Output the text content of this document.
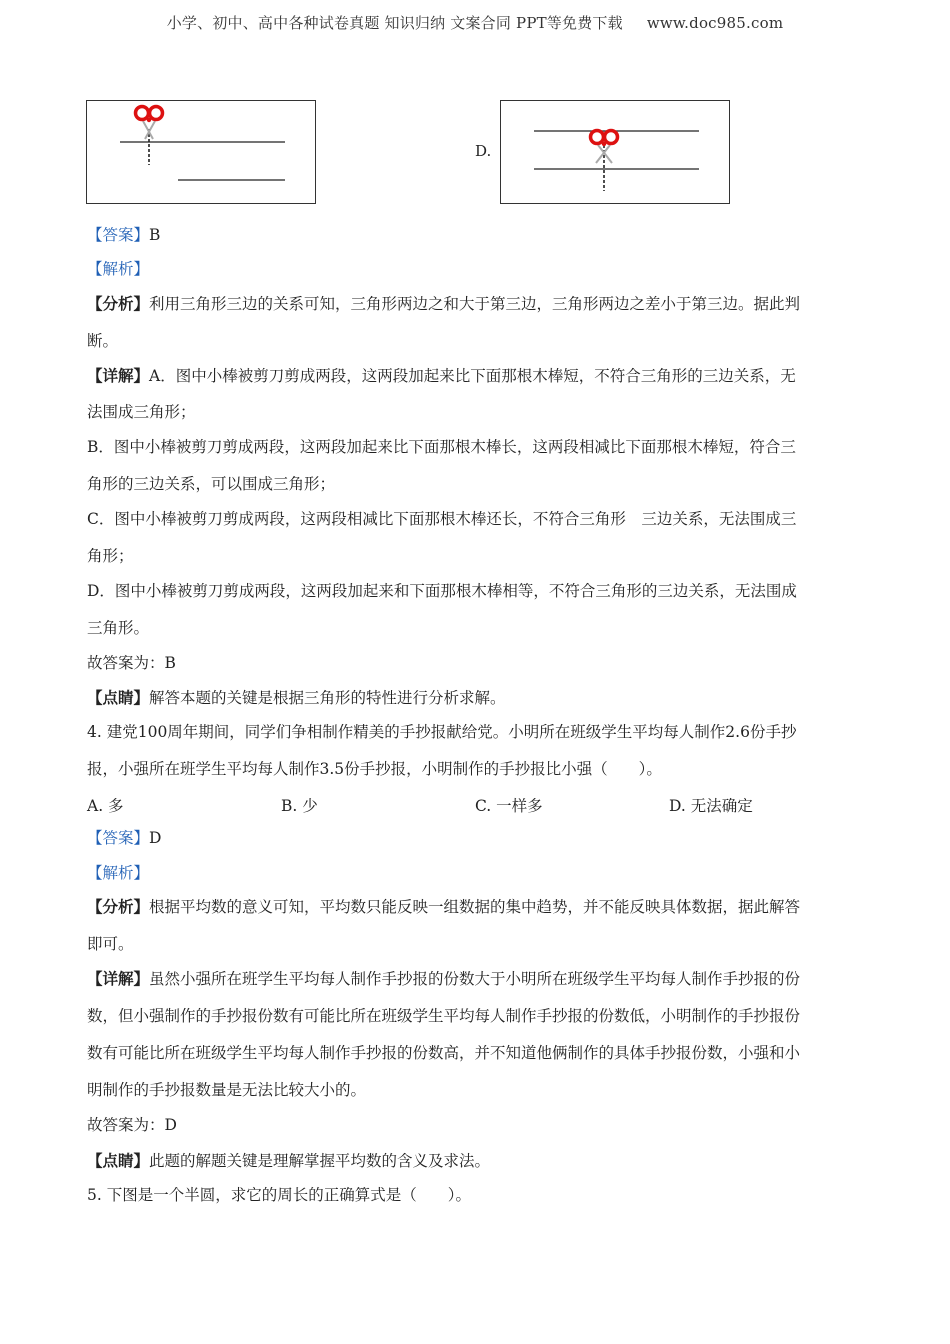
小学、初中、高中各种试卷真题 知识归纳 文案合同 PPT等免费下载 www.doc985.com
D.
【答案】B
【解析】
【分析】利用三角形三边的关系可知，三角形两边之和大于第三边，三角形两边之差小于第三边。据此判
断。
【详解】A．图中小棒被剪刀剪成两段，这两段加起来比下面那根木棒短，不符合三角形的三边关系，无
法围成三角形；
B．图中小棒被剪刀剪成两段，这两段加起来比下面那根木棒长，这两段相减比下面那根木棒短，符合三
角形的三边关系，可以围成三角形；
C．图中小棒被剪刀剪成两段，这两段相减比下面那根木棒还长，不符合三角形　三边关系，无法围成三
角形；
D．图中小棒被剪刀剪成两段，这两段加起来和下面那根木棒相等，不符合三角形的三边关系，无法围成
三角形。
故答案为：B
【点睛】解答本题的关键是根据三角形的特性进行分析求解。
4. 建党100周年期间，同学们争相制作精美的手抄报献给党。小明所在班级学生平均每人制作2.6份手抄
报，小强所在班学生平均每人制作3.5份手抄报，小明制作的手抄报比小强（　　）。
A. 多	B. 少	C. 一样多	D. 无法确定
【答案】D
【解析】
【分析】根据平均数的意义可知，平均数只能反映一组数据的集中趋势，并不能反映具体数据，据此解答
即可。
【详解】虽然小强所在班学生平均每人制作手抄报的份数大于小明所在班级学生平均每人制作手抄报的份
数，但小强制作的手抄报份数有可能比所在班级学生平均每人制作手抄报的份数低，小明制作的手抄报份
数有可能比所在班级学生平均每人制作手抄报的份数高，并不知道他俩制作的具体手抄报份数，小强和小
明制作的手抄报数量是无法比较大小的。
故答案为：D
【点睛】此题的解题关键是理解掌握平均数的含义及求法。
5. 下图是一个半圆，求它的周长的正确算式是（　　）。
